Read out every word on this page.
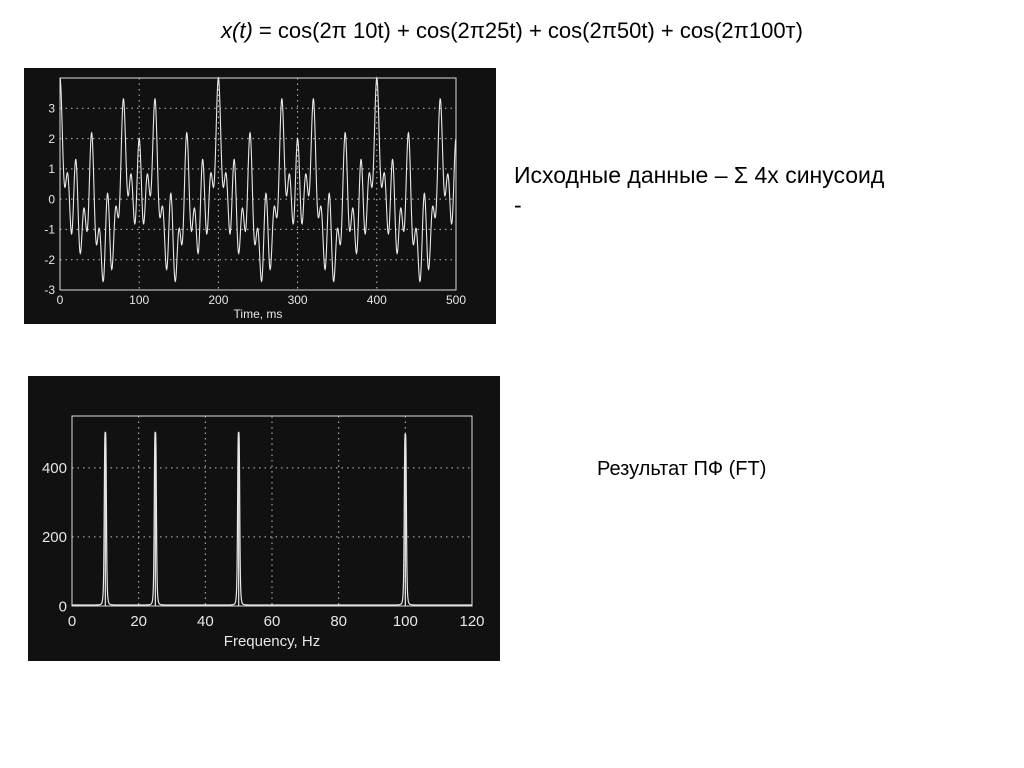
x(t) = cos(2π 10t) + cos(2π25t) + cos(2π50t) + cos(2π100т)
0	100	200	300	400	500
3
2
1
0
-1
-2
-3
Time, ms
Исходные данные – Σ 4х синусоид
-
0	20	40	60	80	100	120
400
200
0
Frequency, Hz
Результат ПФ (FT)
